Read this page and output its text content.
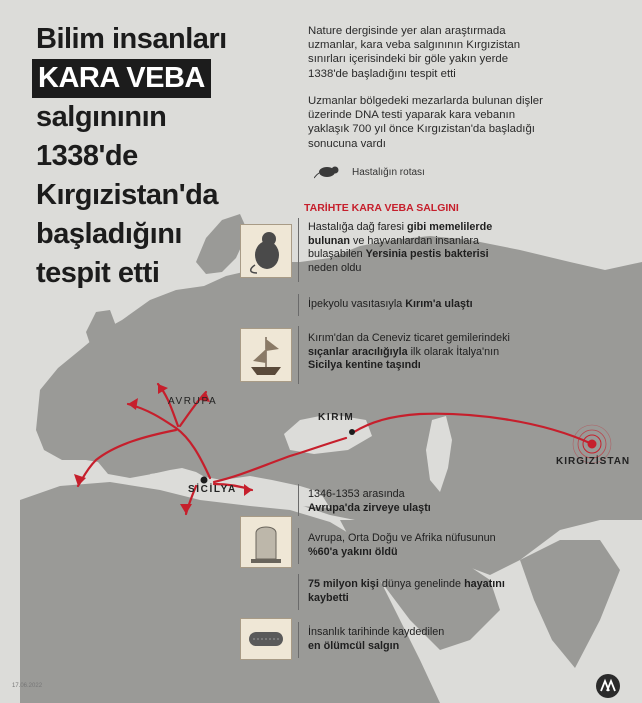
Bilim insanları
KARA VEBA
salgınının
1338'de
Kırgızistan'da
başladığını
tespit etti
Nature dergisinde yer alan araştırmada uzmanlar, kara veba salgınının Kırgızistan sınırları içerisindeki bir göle yakın yerde 1338'de başladığını tespit etti
Uzmanlar bölgedeki mezarlarda bulunan dişler üzerinde DNA testi yaparak kara vebanın yaklaşık 700 yıl önce Kırgızistan'da başladığı sonucuna vardı
Hastalığın rotası
TARİHTE KARA VEBA SALGINI
Hastalığa dağ faresi gibi memelilerde bulunan ve hayvanlardan insanlara bulaşabilen Yersinia pestis bakterisi neden oldu
İpekyolu vasıtasıyla Kırım'a ulaştı
Kırım'dan da Ceneviz ticaret gemilerindeki sıçanlar aracılığıyla ilk olarak İtalya'nın Sicilya kentine taşındı
1346-1353 arasında
Avrupa'da zirveye ulaştı
Avrupa, Orta Doğu ve Afrika nüfusunun %60'a yakını öldü
75 milyon kişi dünya genelinde hayatını kaybetti
İnsanlık tarihinde kaydedilen
en ölümcül salgın
AVRUPA
KIRIM
SİCİLYA
KIRGIZİSTAN
17.06.2022
